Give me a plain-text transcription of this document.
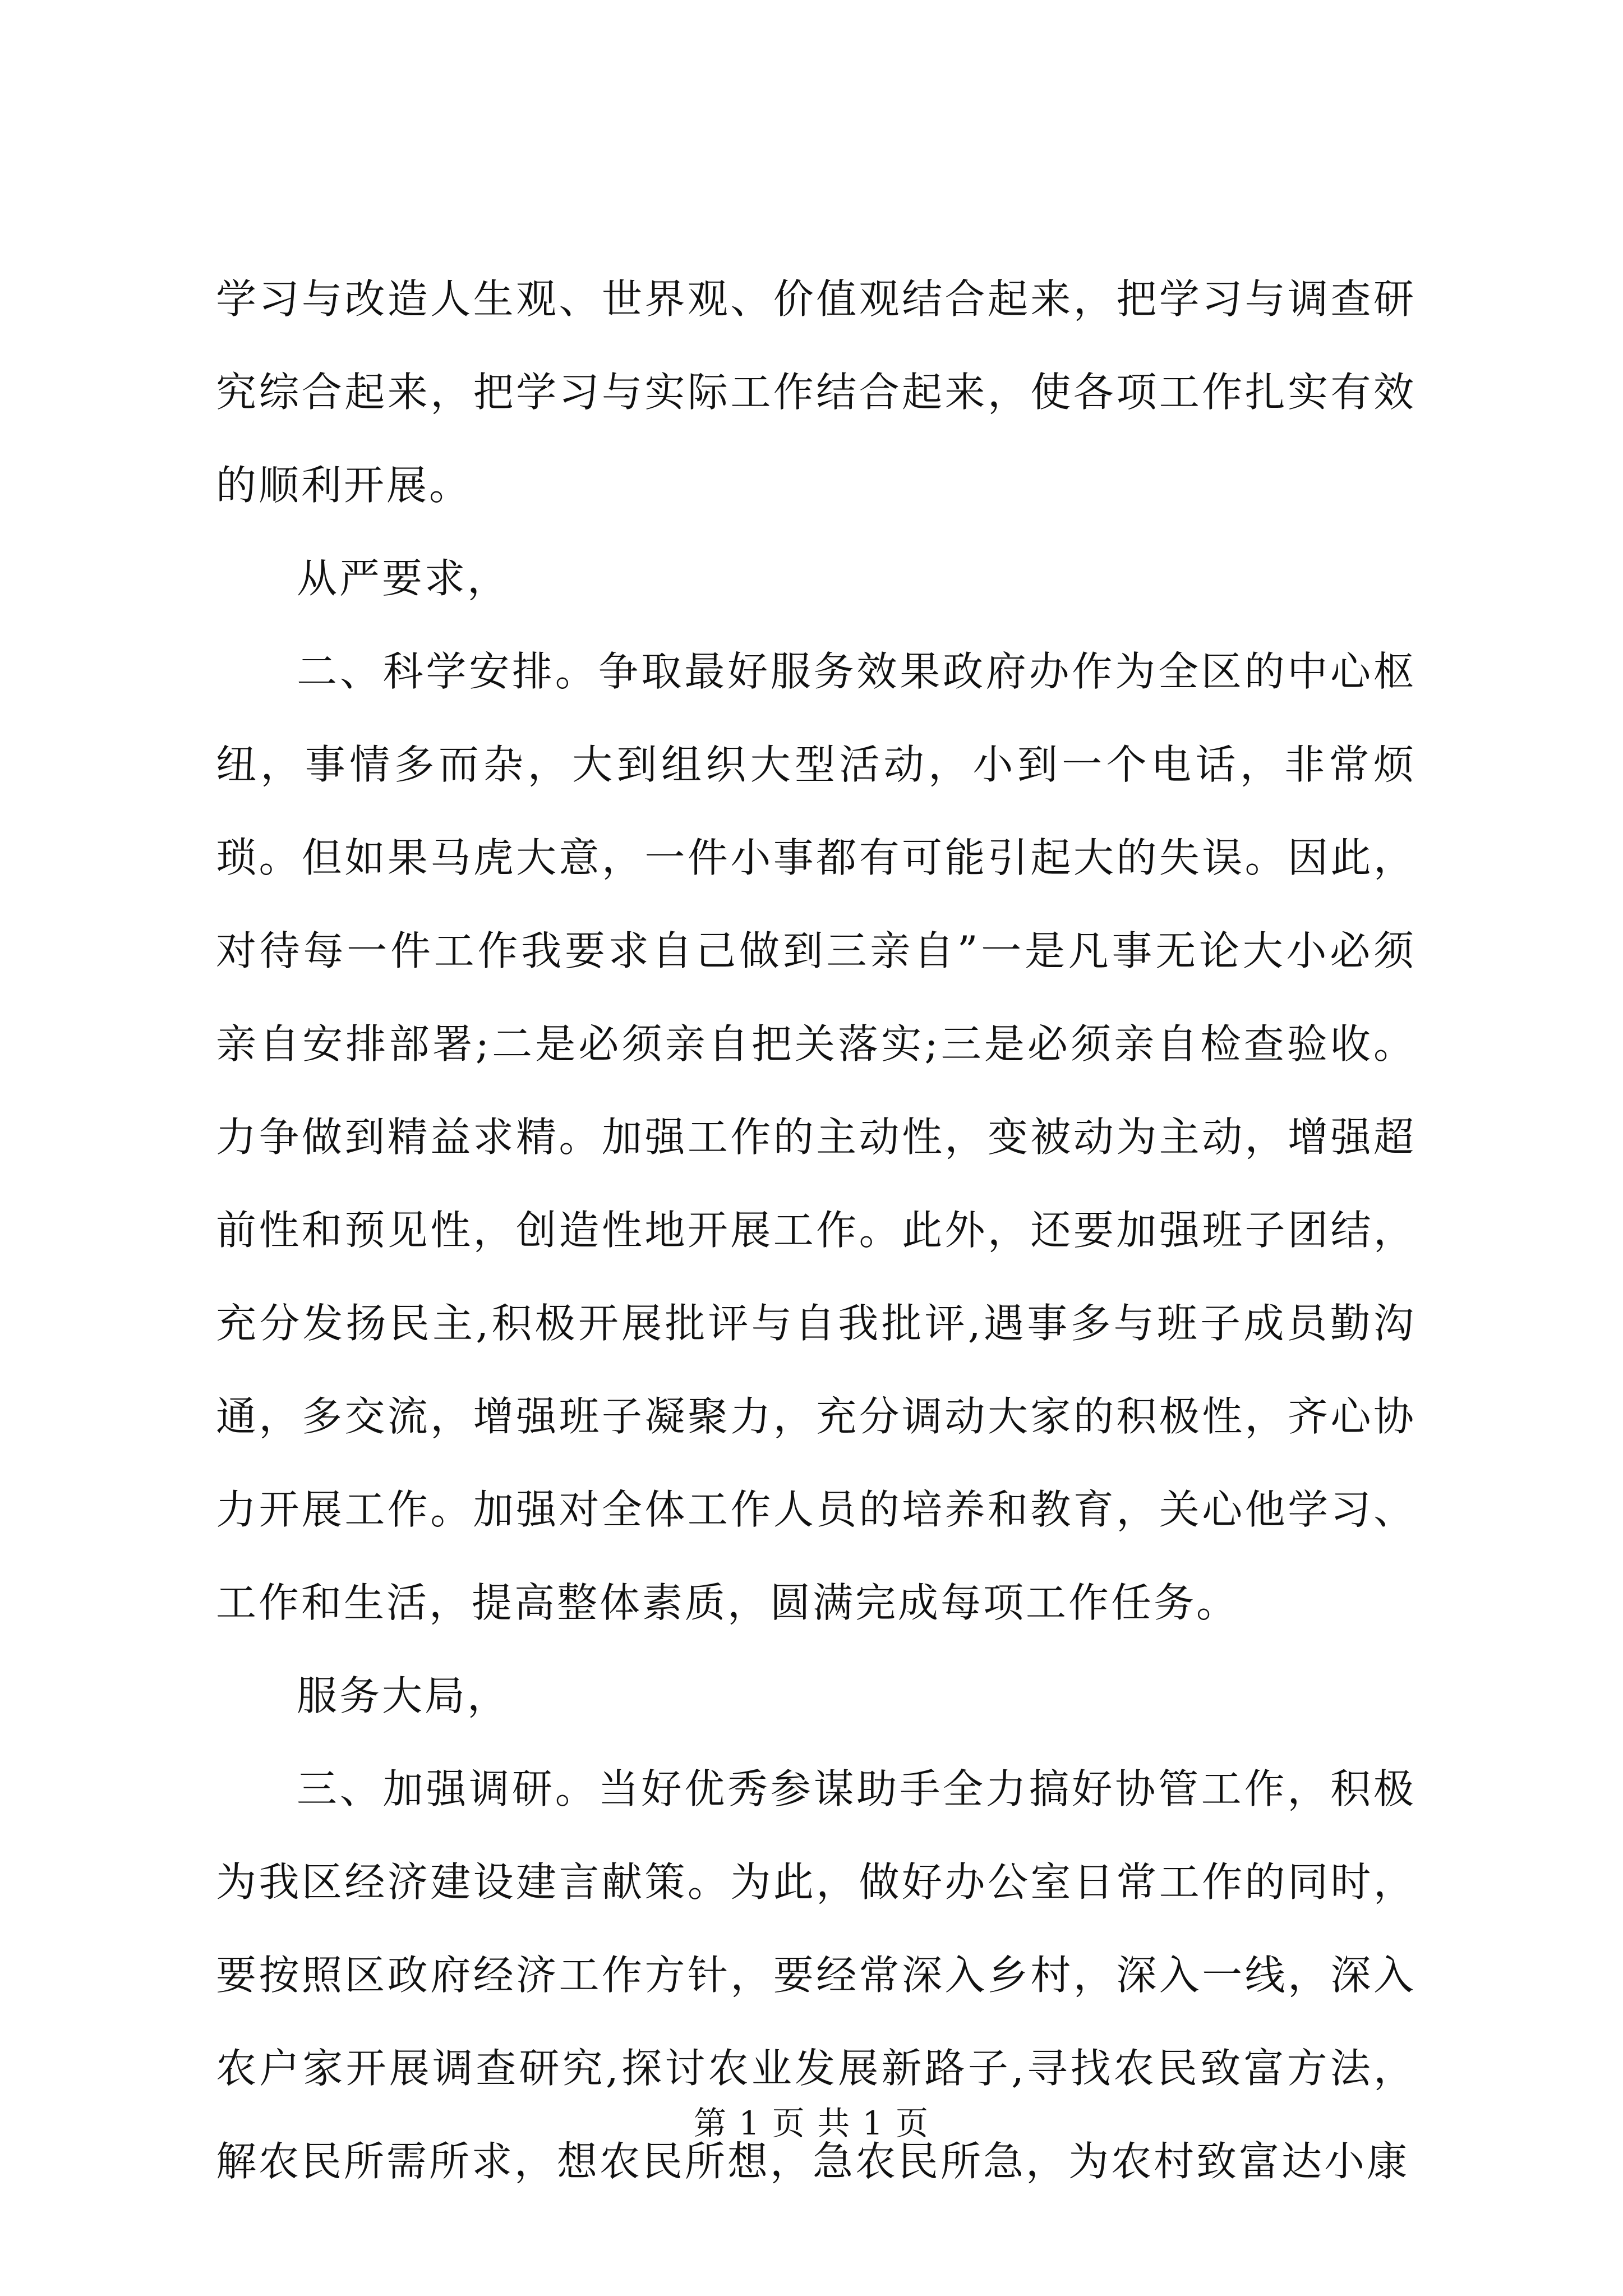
学习与改造人生观、世界观、价值观结合起来，把学习与调查研究综合起来，把学习与实际工作结合起来，使各项工作扎实有效的顺利开展。

从严要求，

二、科学安排。争取最好服务效果政府办作为全区的中心枢纽，事情多而杂，大到组织大型活动，小到一个电话，非常烦琐。但如果马虎大意，一件小事都有可能引起大的失误。因此，对待每一件工作我要求自己做到三亲自”一是凡事无论大小必须亲自安排部署;二是必须亲自把关落实;三是必须亲自检查验收。力争做到精益求精。加强工作的主动性，变被动为主动，增强超前性和预见性，创造性地开展工作。此外，还要加强班子团结，充分发扬民主,积极开展批评与自我批评,遇事多与班子成员勤沟通，多交流，增强班子凝聚力，充分调动大家的积极性，齐心协力开展工作。加强对全体工作人员的培养和教育，关心他学习、工作和生活，提高整体素质，圆满完成每项工作任务。

服务大局，

三、加强调研。当好优秀参谋助手全力搞好协管工作，积极为我区经济建设建言献策。为此，做好办公室日常工作的同时，要按照区政府经济工作方针，要经常深入乡村，深入一线，深入农户家开展调查研究,探讨农业发展新路子,寻找农民致富方法，解农民所需所求，想农民所想，急农民所急，为农村致富达小康

第 1 页 共 1 页
